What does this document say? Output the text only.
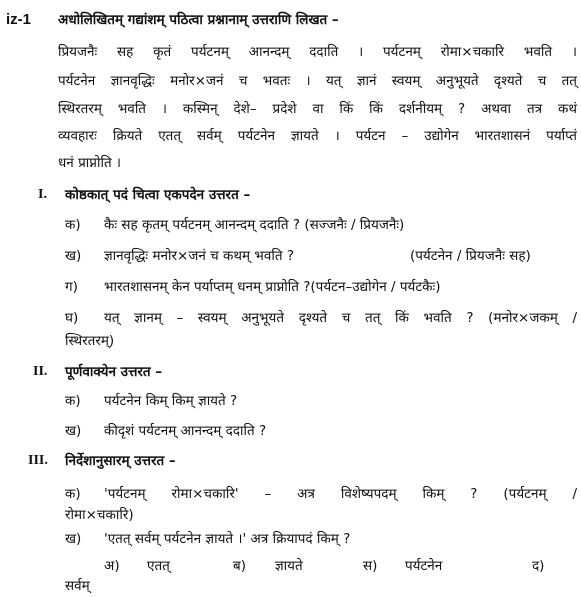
iz-1 अधोलिखितम् गद्यांशम् पठित्वा प्रश्नानाम् उत्तराणि लिखत –
प्रियजनैः सह कृतं पर्यटनम् आनन्दम् ददाति । पर्यटनम् रोमा×चकारि भवति ।
पर्यटनेन ज्ञानवृद्धिः मनोर×जनं च भवतः । यत् ज्ञानं स्वयम् अनुभूयते दृश्यते च तत्
स्थिरतरम् भवति । कस्मिन् देशे– प्रदेशे वा किं किं दर्शनीयम् ? अथवा तत्र कथं
व्यवहारः क्रियते एतत् सर्वम् पर्यटनेन ज्ञायते । पर्यटन – उद्योगेन भारतशासनं पर्याप्तं
धनं प्राप्नोति ।
I. कोष्ठकात् पदं चित्वा एकपदेन उत्तरत –
क) कैः सह कृतम् पर्यटनम् आनन्दम् ददाति ? (सज्जनैः / प्रियजनैः)
ख) ज्ञानवृद्धिः मनोर×जनं च कथम् भवति ?	(पर्यटनेन / प्रियजनैः सह)
ग) भारतशासनम् केन पर्याप्तम् धनम् प्राप्नोति ?(पर्यटन–उद्योगेन / पर्यटकैः)
घ) यत् ज्ञानम् – स्वयम् अनुभूयते दृश्यते च तत् किं भवति ? (मनोर×जकम् /
स्थिरतरम्)
II. पूर्णवाक्येन उत्तरत –
क) पर्यटनेन किम् किम् ज्ञायते ?
ख) कीदृशं पर्यटनम् आनन्दम् ददाति ?
III. निर्देशानुसारम् उत्तरत –
क) 'पर्यटनम् रोमा×चकारि' – अत्र विशेष्यपदम् किम् ? (पर्यटनम् /
रोमा×चकारि)
ख) 'एतत् सर्वम् पर्यटनेन ज्ञायते ।' अत्र क्रियापदं किम् ?
अ) एतत्	ब) ज्ञायते	स) पर्यटनेन	द)
सर्वम्
